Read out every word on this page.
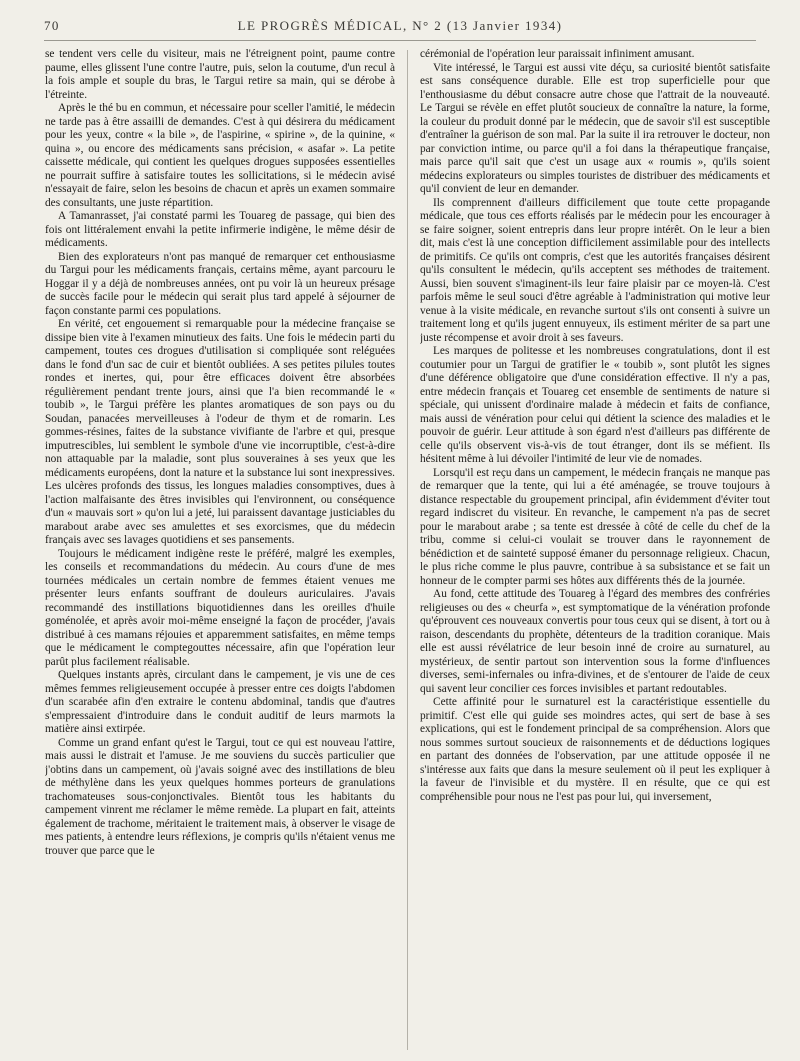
70	LE PROGRÈS MÉDICAL, N° 2 (13 Janvier 1934)

se tendent vers celle du visiteur, mais ne l'étreignent point, paume contre paume, elles glissent l'une contre l'autre, puis, selon la coutume, d'un recul à la fois ample et souple du bras, le Targui retire sa main, qui se dérobe à l'étreinte.

Après le thé bu en commun, et nécessaire pour sceller l'amitié, le médecin ne tarde pas à être assailli de demandes. C'est à qui désirera du médicament pour les yeux, contre « la bile », de l'aspirine, « spirine », de la quinine, « quina », ou encore des médicaments sans précision, « asafar ». La petite caissette médicale, qui contient les quelques drogues supposées essentielles ne pourrait suffire à satisfaire toutes les sollicitations, si le médecin avisé n'essayait de faire, selon les besoins de chacun et après un examen sommaire des consultants, une juste répartition.

A Tamanrasset, j'ai constaté parmi les Touareg de passage, qui bien des fois ont littéralement envahi la petite infirmerie indigène, le même désir de médicaments.

Bien des explorateurs n'ont pas manqué de remarquer cet enthousiasme du Targui pour les médicaments français, certains même, ayant parcouru le Hoggar il y a déjà de nombreuses années, ont pu voir là un heureux présage de succès facile pour le médecin qui serait plus tard appelé à séjourner de façon constante parmi ces populations.

En vérité, cet engouement si remarquable pour la médecine française se dissipe bien vite à l'examen minutieux des faits. Une fois le médecin parti du campement, toutes ces drogues d'utilisation si compliquée sont reléguées dans le fond d'un sac de cuir et bientôt oubliées. A ses petites pilules toutes rondes et inertes, qui, pour être efficaces doivent être absorbées régulièrement pendant trente jours, ainsi que l'a bien recommandé le « toubib », le Targui préfère les plantes aromatiques de son pays ou du Soudan, panacées merveilleuses à l'odeur de thym et de romarin. Les gommes-résines, faites de la substance vivifiante de l'arbre et qui, presque imputrescibles, lui semblent le symbole d'une vie incorruptible, c'est-à-dire non attaquable par la maladie, sont plus souveraines à ses yeux que les médicaments européens, dont la nature et la substance lui sont inexpressives. Les ulcères profonds des tissus, les longues maladies consomptives, dues à l'action malfaisante des êtres invisibles qui l'environnent, ou conséquence d'un « mauvais sort » qu'on lui a jeté, lui paraissent davantage justiciables du marabout arabe avec ses amulettes et ses exorcismes, que du médecin français avec ses lavages quotidiens et ses pansements.

Toujours le médicament indigène reste le préféré, malgré les exemples, les conseils et recommandations du médecin. Au cours d'une de mes tournées médicales un certain nombre de femmes étaient venues me présenter leurs enfants souffrant de douleurs auriculaires. J'avais recommandé des instillations biquotidiennes dans les oreilles d'huile goménolée, et après avoir moi-même enseigné la façon de procéder, j'avais distribué à ces mamans réjouies et apparemment satisfaites, en même temps que le médicament le comptegouttes nécessaire, afin que l'opération leur parût plus facilement réalisable.

Quelques instants après, circulant dans le campement, je vis une de ces mêmes femmes religieusement occupée à presser entre ces doigts l'abdomen d'un scarabée afin d'en extraire le contenu abdominal, tandis que d'autres s'empressaient d'introduire dans le conduit auditif de leurs marmots la matière ainsi extirpée.

Comme un grand enfant qu'est le Targui, tout ce qui est nouveau l'attire, mais aussi le distrait et l'amuse. Je me souviens du succès particulier que j'obtins dans un campement, où j'avais soigné avec des instillations de bleu de méthylène dans les yeux quelques hommes porteurs de granulations trachomateuses sous-conjonctivales. Bientôt tous les habitants du campement vinrent me réclamer le même remède. La plupart en fait, atteints également de trachome, méritaient le traitement mais, à observer le visage de mes patients, à entendre leurs réflexions, je compris qu'ils n'étaient venus me trouver que parce que le

cérémonial de l'opération leur paraissait infiniment amusant.

Vite intéressé, le Targui est aussi vite déçu, sa curiosité bientôt satisfaite est sans conséquence durable. Elle est trop superficielle pour que l'enthousiasme du début consacre autre chose que l'attrait de la nouveauté. Le Targui se révèle en effet plutôt soucieux de connaître la nature, la forme, la couleur du produit donné par le médecin, que de savoir s'il est susceptible d'entraîner la guérison de son mal. Par la suite il ira retrouver le docteur, non par conviction intime, ou parce qu'il a foi dans la thérapeutique française, mais parce qu'il sait que c'est un usage aux « roumis », qu'ils soient médecins explorateurs ou simples touristes de distribuer des médicaments et qu'il convient de leur en demander.

Ils comprennent d'ailleurs difficilement que toute cette propagande médicale, que tous ces efforts réalisés par le médecin pour les encourager à se faire soigner, soient entrepris dans leur propre intérêt. On le leur a bien dit, mais c'est là une conception difficilement assimilable pour des intellects de primitifs. Ce qu'ils ont compris, c'est que les autorités françaises désirent qu'ils consultent le médecin, qu'ils acceptent ses méthodes de traitement. Aussi, bien souvent s'imaginent-ils leur faire plaisir par ce moyen-là. C'est parfois même le seul souci d'être agréable à l'administration qui motive leur venue à la visite médicale, en revanche surtout s'ils ont consenti à suivre un traitement long et qu'ils jugent ennuyeux, ils estiment mériter de sa part une juste récompense et avoir droit à ses faveurs.

Les marques de politesse et les nombreuses congratulations, dont il est coutumier pour un Targui de gratifier le « toubib », sont plutôt les signes d'une déférence obligatoire que d'une considération effective. Il n'y a pas, entre médecin français et Touareg cet ensemble de sentiments de nature si spéciale, qui unissent d'ordinaire malade à médecin et faits de confiance, mais aussi de vénération pour celui qui détient la science des maladies et le pouvoir de guérir. Leur attitude à son égard n'est d'ailleurs pas différente de celle qu'ils observent vis-à-vis de tout étranger, dont ils se méfient. Ils hésitent même à lui dévoiler l'intimité de leur vie de nomades.

Lorsqu'il est reçu dans un campement, le médecin français ne manque pas de remarquer que la tente, qui lui a été aménagée, se trouve toujours à distance respectable du groupement principal, afin évidemment d'éviter tout regard indiscret du visiteur. En revanche, le campement n'a pas de secret pour le marabout arabe ; sa tente est dressée à côté de celle du chef de la tribu, comme si celui-ci voulait se trouver dans le rayonnement de bénédiction et de sainteté supposé émaner du personnage religieux. Chacun, le plus riche comme le plus pauvre, contribue à sa subsistance et se fait un honneur de le compter parmi ses hôtes aux différents thés de la journée.

Au fond, cette attitude des Touareg à l'égard des membres des confréries religieuses ou des « cheurfa », est symptomatique de la vénération profonde qu'éprouvent ces nouveaux convertis pour tous ceux qui se disent, à tort ou à raison, descendants du prophète, détenteurs de la tradition coranique. Mais elle est aussi révélatrice de leur besoin inné de croire au surnaturel, au mystérieux, de sentir partout son intervention sous la forme d'influences diverses, semi-infernales ou infra-divines, et de s'entourer de l'aide de ceux qui savent leur concilier ces forces invisibles et partant redoutables.

Cette affinité pour le surnaturel est la caractéristique essentielle du primitif. C'est elle qui guide ses moindres actes, qui sert de base à ses explications, qui est le fondement principal de sa compréhension. Alors que nous sommes surtout soucieux de raisonnements et de déductions logiques en partant des données de l'observation, par une attitude opposée il ne s'intéresse aux faits que dans la mesure seulement où il peut les expliquer à la faveur de l'invisible et du mystère. Il en résulte, que ce qui est compréhensible pour nous ne l'est pas pour lui, qui inversement,
